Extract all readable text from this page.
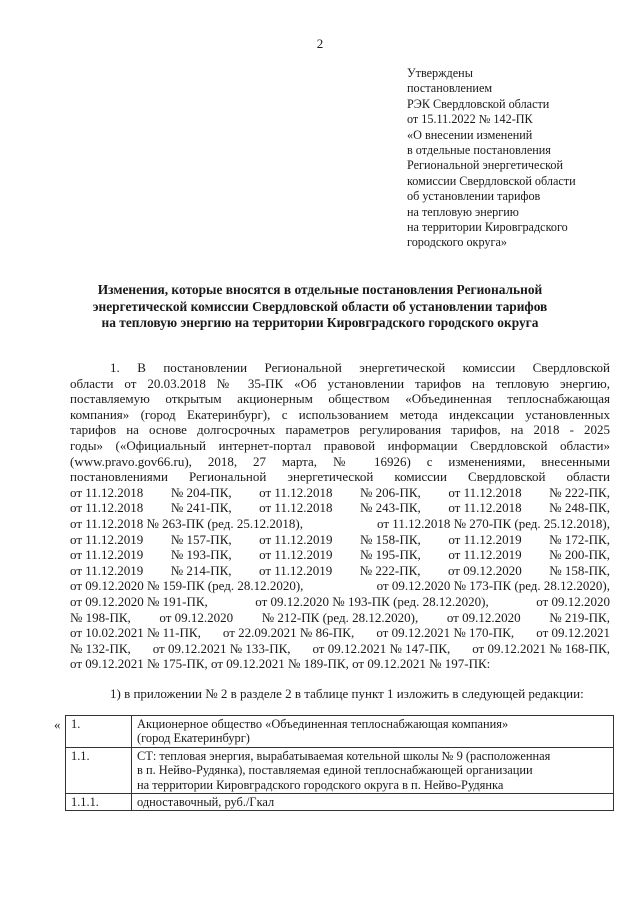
2
Утверждены
постановлением
РЭК Свердловской области
от 15.11.2022 № 142-ПК
«О внесении изменений
в отдельные постановления
Региональной энергетической
комиссии Свердловской области
об установлении тарифов
на тепловую энергию
на территории Кировградского
городского округа»
Изменения, которые вносятся в отдельные постановления Региональной
энергетической комиссии Свердловской области об установлении тарифов
на тепловую энергию на территории Кировградского городского округа

1. В постановлении Региональной энергетической комиссии Свердловской

области от 20.03.2018 № 35-ПК «Об установлении тарифов на тепловую энергию,

поставляемую открытым акционерным обществом «Объединенная теплоснабжающая

компания» (город Екатеринбург), с использованием метода индексации установленных

тарифов на основе долгосрочных параметров регулирования тарифов, на 2018 - 2025

годы» («Официальный интернет-портал правовой информации Свердловской области»

(www.pravo.gov66.ru), 2018, 27 марта, № 16926) с изменениями, внесенными

постановлениями Региональной энергетической комиссии Свердловской области

от 11.12.2018 № 204-ПК, от 11.12.2018 № 206-ПК, от 11.12.2018 № 222-ПК,
от 11.12.2018 № 241-ПК, от 11.12.2018 № 243-ПК, от 11.12.2018 № 248-ПК,
от 11.12.2018 № 263-ПК (ред. 25.12.2018),	от 11.12.2018 № 270-ПК (ред. 25.12.2018),
от 11.12.2019 № 157-ПК, от 11.12.2019 № 158-ПК, от 11.12.2019 № 172-ПК,
от 11.12.2019 № 193-ПК, от 11.12.2019 № 195-ПК, от 11.12.2019 № 200-ПК,
от 11.12.2019 № 214-ПК, от 11.12.2019 № 222-ПК, от 09.12.2020 № 158-ПК,
от 09.12.2020 № 159-ПК (ред. 28.12.2020),	от 09.12.2020 № 173-ПК (ред. 28.12.2020),
от 09.12.2020 № 191-ПК,	от 09.12.2020 № 193-ПК (ред. 28.12.2020),	от 09.12.2020
№ 198-ПК, от 09.12.2020 № 212-ПК (ред. 28.12.2020), от 09.12.2020 № 219-ПК,
от 10.02.2021 № 11-ПК, от 22.09.2021 № 86-ПК, от 09.12.2021 № 170-ПК, от 09.12.2021
№ 132-ПК, от 09.12.2021 № 133-ПК, от 09.12.2021 № 147-ПК, от 09.12.2021 № 168-ПК,

от 09.12.2021 № 175-ПК, от 09.12.2021 № 189-ПК, от 09.12.2021 № 197-ПК:

1) в приложении № 2 в разделе 2 в таблице пункт 1 изложить в следующей редакции:

« 1.	Акционерное общество «Объединенная теплоснабжающая компания»
(город Екатеринбург)

1.1.	СТ: тепловая энергия, вырабатываемая котельной школы № 9 (расположенная
в п. Нейво-Рудянка), поставляемая единой теплоснабжающей организации
на территории Кировградского городского округа в п. Нейво-Рудянка

1.1.1.	одноставочный, руб./Гкал
